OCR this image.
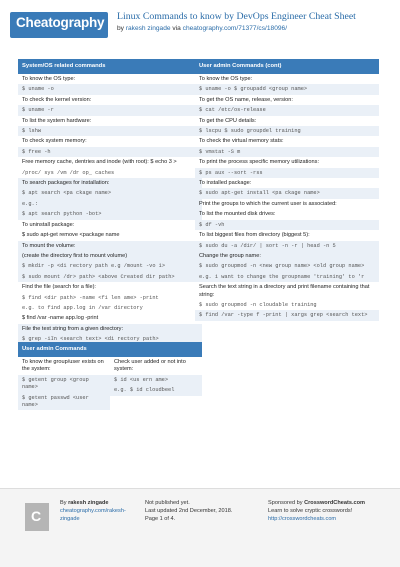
Cheatography Linux Commands to know by DevOps Engineer Cheat Sheet
by rakesh zingade via cheatography.com/71377/cs/18096/
System/OS related commands
To know the OS type:
$ uname -o
To check the kernel version:
$ uname -r
To list the system hardware:
$ lshw
To check system memory:
$ free -h
Free memory cache, dentries and inode (with root): $ echo 3 >
/proc/ sys /vm /dr op_ caches
To search packages for installation:
$ apt search <pa ckage name>
e.g.:
$ apt search python -bot>
To uninstall package:
$ sudo apt-get remove <package name
To mount the volume:
(create the directory first to mount volume)
$ mkdir -p <di rectory path e.g /mount -vo 1>
$ sudo mount /dr> path> <above Created dir path>
Find the file (search for a file):
$ find <dir path> -name <fi len ame> -print
e.g. to find app.log in /var directory
$ find /var -name app.log -print
File the text string from a given directory:
$ grep -iIn <search text> <di rectory path>
User admin Commands (cont)
To know the OS type:
$ uname -o $ groupadd <group name>
To get the OS name, release, version:
$ cat /etc/os-release
To get the CPU details:
$ lscpu $ sudo groupdel training
To check the virtual memory stats:
$ vmstat -S m
To print the process specific memory utilizations:
$ ps aux --sort -rss
To installed package:
$ sudo apt-get install <pa ckage name>
Print the groups to which the current user is associated:
To list the mounted disk drives:
$ df -vh
To list biggest files from directory (biggest 5):
$ sudo du -a /dir/ | sort -n -r | head -n 5
Change the group name:
$ sudo groupmod -n <new group name> <old group name>
e.g. i want to change the groupname 'training' to 'r
Search the text string in a directory and print filename containing that string:
$ sudo groupmod -n cloudable training
$ find /var -type f -print | xargs grep <search text>
User admin Commands
To know the group/user exists on the system:
$ getent group <group name>
$ getent passwd <user name>
Check user added or not into system:
$ id <us ern ame>
e.g. $ id cloudbeel
C
By rakesh zingade
cheatography.com/rakesh-
zingade
Not published yet.
Last updated 2nd December, 2018.
Page 1 of 4.
Sponsored by CrosswordCheats.com
Learn to solve cryptic crosswords!
http://crosswordcheats.com
